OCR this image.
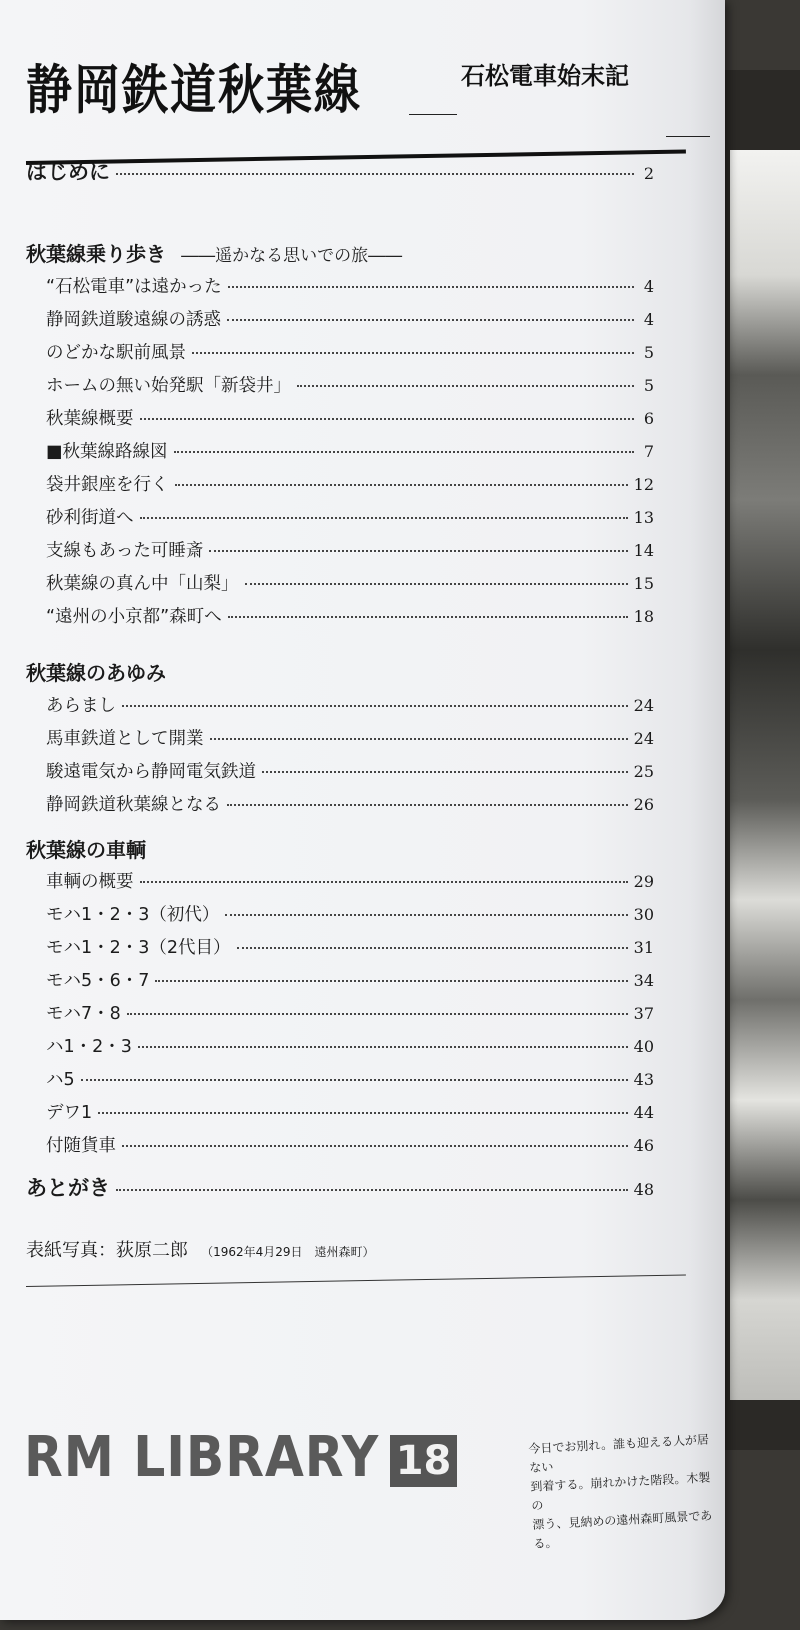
静岡鉄道秋葉線	石松電車始末記
はじめに	2
秋葉線乗り歩き ――遥かなる思いでの旅――
“石松電車”は遠かった	4
静岡鉄道駿遠線の誘惑	4
のどかな駅前風景	5
ホームの無い始発駅「新袋井」	5
秋葉線概要	6
■秋葉線路線図	7
袋井銀座を行く	12
砂利街道へ	13
支線もあった可睡斎	14
秋葉線の真ん中「山梨」	15
“遠州の小京都”森町へ	18
秋葉線のあゆみ
あらまし	24
馬車鉄道として開業	24
駿遠電気から静岡電気鉄道	25
静岡鉄道秋葉線となる	26
秋葉線の車輌
車輌の概要	29
モハ1・2・3（初代）	30
モハ1・2・3（2代目）	31
モハ5・6・7	34
モハ7・8	37
ハ1・2・3	40
ハ5	43
デワ1	44
付随貨車	46
あとがき	48
表紙写真：荻原二郎 （1962年4月29日　遠州森町）
RM LIBRARY 18	今日でお別れ。誰も迎える人が居ない
到着する。崩れかけた階段。木製の
漂う、見納めの遠州森町風景である。
